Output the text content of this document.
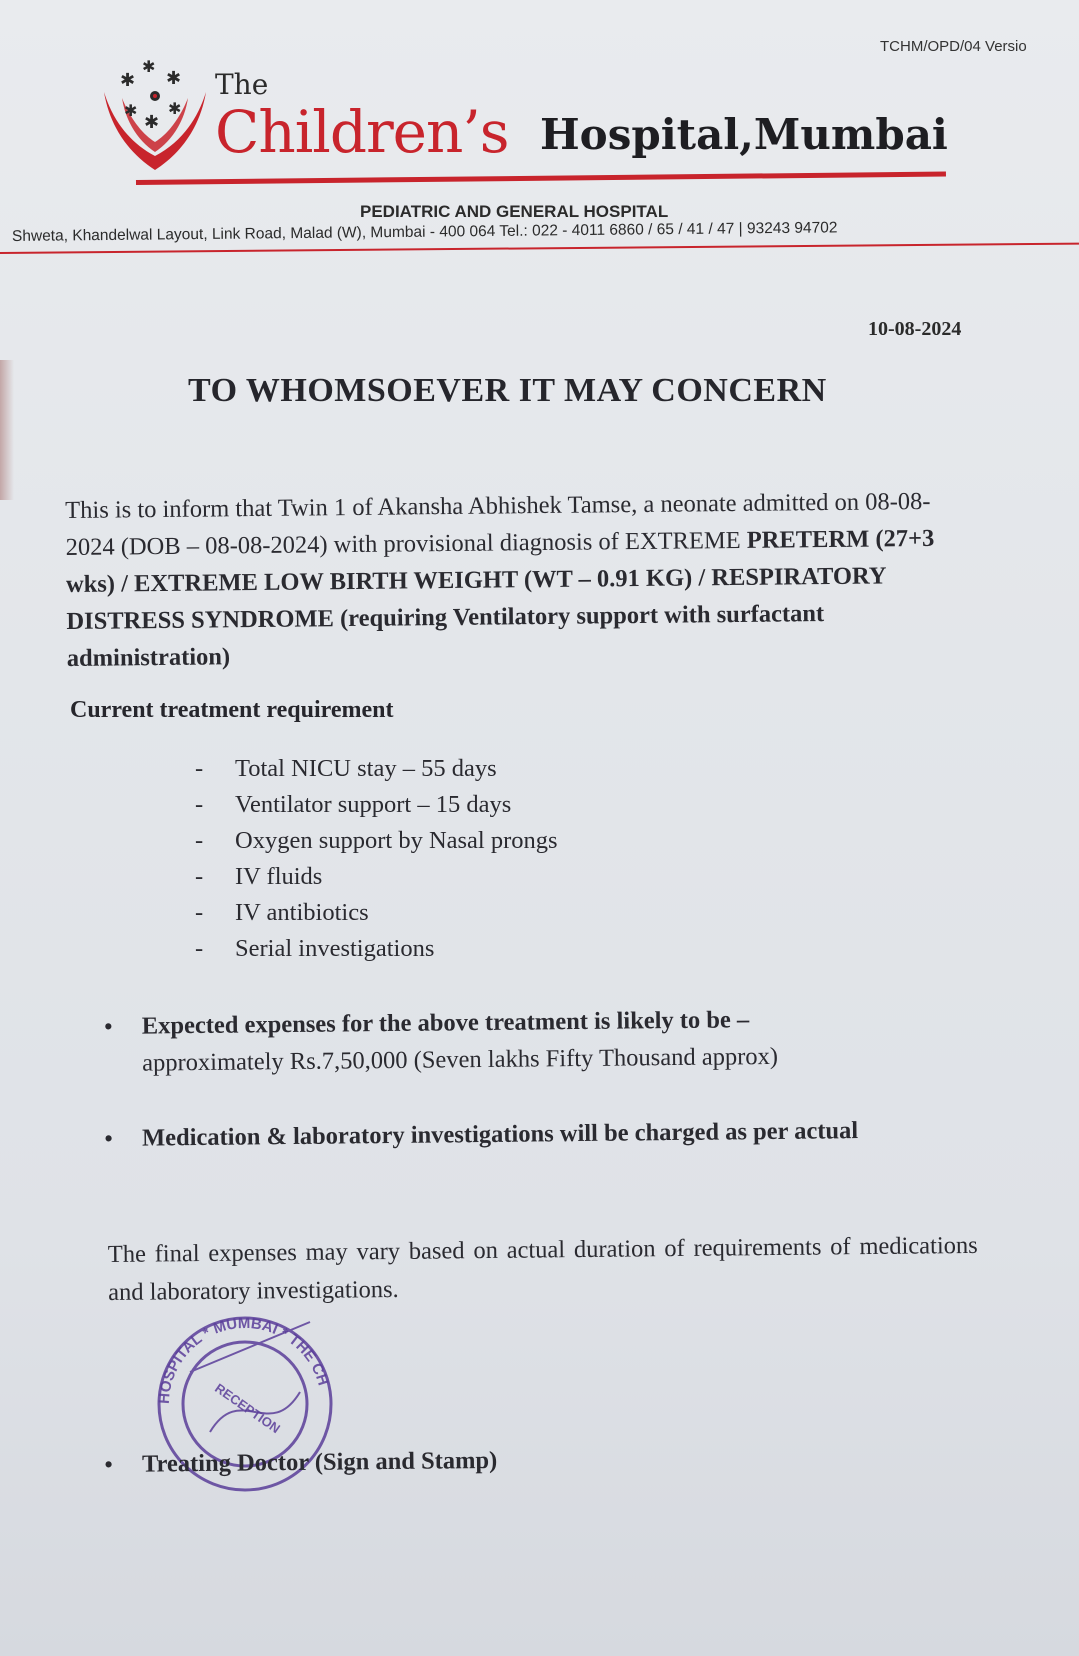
TCHM/OPD/04 Versio
✱
✱
✱
✱
✱
✱
The
Children’s Hospital,Mumbai
PEDIATRIC AND GENERAL HOSPITAL
Shweta, Khandelwal Layout, Link Road, Malad (W), Mumbai - 400 064 Tel.: 022 - 4011 6860 / 65 / 41 / 47 | 93243 94702
10-08-2024
TO WHOMSOEVER IT MAY CONCERN
This is to inform that Twin 1 of Akansha Abhishek Tamse, a neonate admitted on 08-08-2024 (DOB – 08-08-2024) with provisional diagnosis of EXTREME PRETERM (27+3 wks) / EXTREME LOW BIRTH WEIGHT (WT – 0.91 KG) / RESPIRATORY DISTRESS SYNDROME (requiring Ventilatory support with surfactant administration)
Current treatment requirement
-	Total NICU stay – 55 days
-	Ventilator support – 15 days
-	Oxygen support by Nasal prongs
-	IV fluids
-	IV antibiotics
-	Serial investigations
•	Expected expenses for the above treatment is likely to be –
approximately Rs.7,50,000 (Seven lakhs Fifty Thousand approx)
•	Medication & laboratory investigations will be charged as per actual
The final expenses may vary based on actual duration of requirements of medications and laboratory investigations.
HOSPITAL * MUMBAI * THE CH
RECEPTION
•	Treating Doctor (Sign and Stamp)
